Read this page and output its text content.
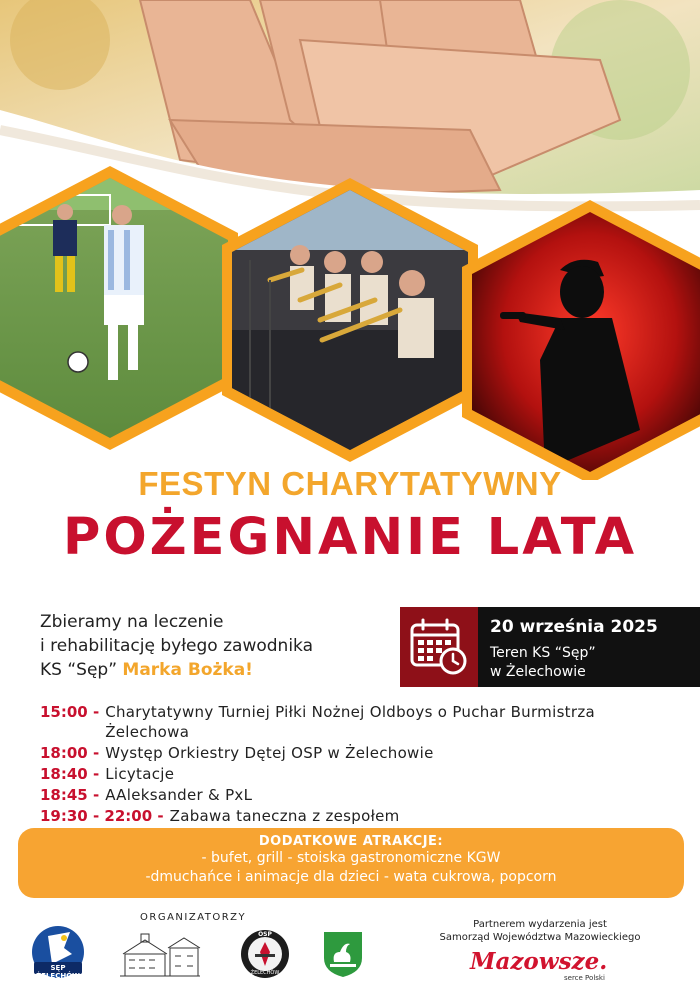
FESTYN CHARYTATYWNY
POŻEGNANIE LATA
Zbieramy na leczenie
i rehabilitację byłego zawodnika
KS “Sęp” Marka Bożka!
20 września 2025
Teren KS “Sęp”
w Żelechowie
15:00 - Charytatywny Turniej Piłki Nożnej Oldboys o Puchar Burmistrza Żelechowa
18:00 - Występ Orkiestry Dętej OSP w Żelechowie
18:40 - Licytacje
18:45 - AAleksander & PxL
19:30 - 22:00 - Zabawa taneczna z zespołem
DODATKOWE ATRAKCJE:
- bufet, grill - stoiska gastronomiczne KGW
-dmuchańce i animacje dla dzieci - wata cukrowa, popcorn
ORGANIZATORZY
SĘP ŻELECHÓW
OSP
ŻELECHÓW
Partnerem wydarzenia jest
Samorząd Województwa Mazowieckiego
Mazowsze.
serce Polski
